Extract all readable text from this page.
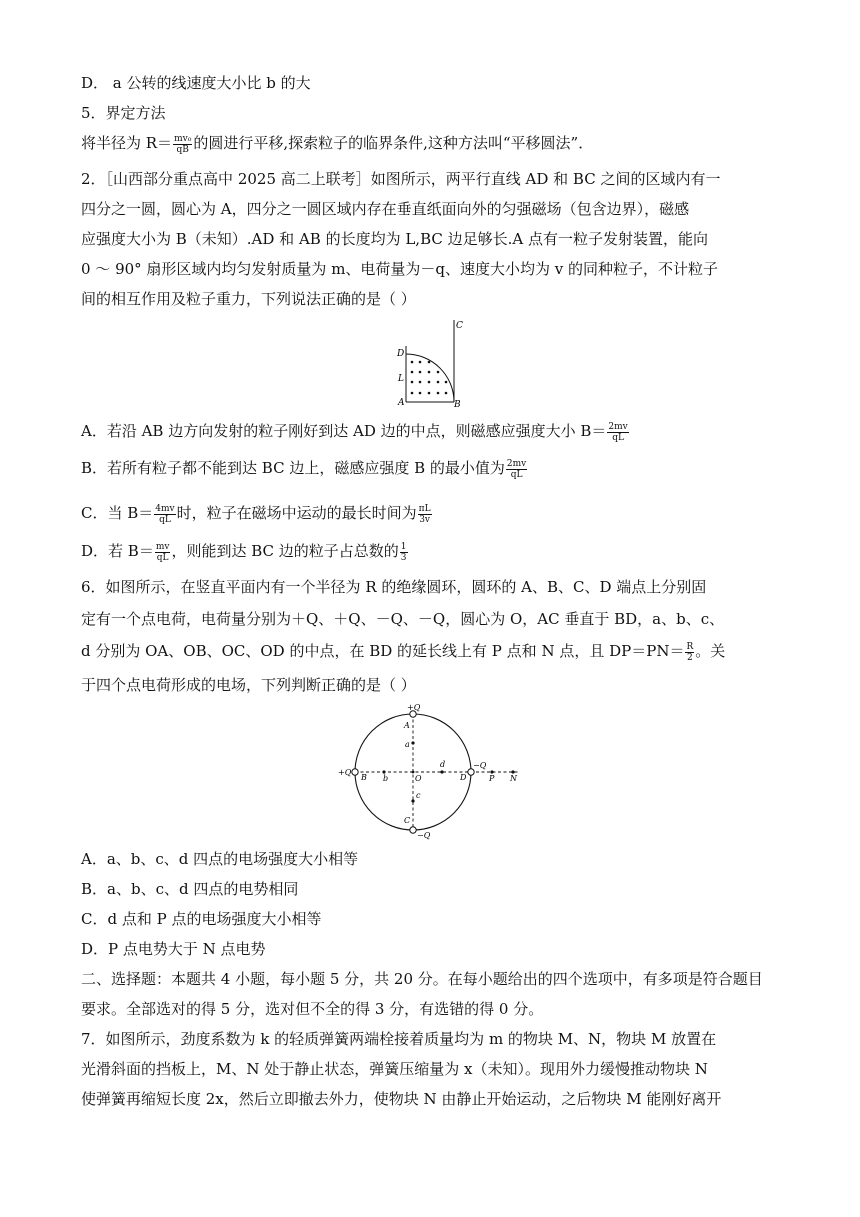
D． a 公转的线速度大小比 b 的大
5．界定方法
将半径为 $R= \frac{\text{mv₀}}{qB}$ 的圆进行平移,探索粒子的临界条件,这种方法叫“平移圆法”．
2．［山西部分重点高中 2025 高二上联考］如图所示，两平行直线 AD 和 BC 之间的区域内有一
四分之一圆，圆心为 A，四分之一圆区域内存在垂直纸面向外的匀强磁场（包含边界），磁感
应强度大小为 B（未知）.AD 和 AB 的长度均为 L,BC 边足够长.A 点有一粒子发射装置，能向
0 ～ 90° 扇形区域内均匀发射质量为 m、电荷量为－q、速度大小均为 v 的同种粒子，不计粒子
间的相互作用及粒子重力，下列说法正确的是（ ）
C
D
L
A	B
A．若沿 AB 边方向发射的粒子刚好到达 AD 边的中点，则磁感应强度大小 $B= \frac{2mv}{qL}$
B．若所有粒子都不能到达 BC 边上，磁感应强度 B 的最小值为 $\frac{2mv}{qL}$
C．当 $B= \frac{4mv}{qL}$ 时，粒子在磁场中运动的最长时间为 $\frac{\pi L}{3v}$
D．若 $B= \frac{mv}{qL}$ ，则能到达 BC 边的粒子占总数的 $\frac{1}{3}$
6．如图所示，在竖直平面内有一个半径为 R 的绝缘圆环，圆环的 A、B、C、D 端点上分别固
定有一个点电荷，电荷量分别为＋Q、＋Q、－Q、－Q，圆心为 O，AC 垂直于 BD，a、b、c、
d 分别为 OA、OB、OC、OD 的中点，在 BD 的延长线上有 P 点和 N 点，且 $DP=PN= \frac{R}{2}$ 。关
于四个点电荷形成的电场，下列判断正确的是（ ）
+Q
A
a
+Q
B b	O
d
D
−Q
P N
c
C
−Q
A．a、b、c、d 四点的电场强度大小相等
B．a、b、c、d 四点的电势相同
C．d 点和 P 点的电场强度大小相等
D．P 点电势大于 N 点电势
二、选择题：本题共 4 小题，每小题 5 分，共 20 分。在每小题给出的四个选项中，有多项是符合题目
要求。全部选对的得 5 分，选对但不全的得 3 分，有选错的得 0 分。
7．如图所示，劲度系数为 k 的轻质弹簧两端栓接着质量均为 m 的物块 M、N，物块 M 放置在
光滑斜面的挡板上，M、N 处于静止状态，弹簧压缩量为 x（未知）。现用外力缓慢推动物块 N
使弹簧再缩短长度 2x，然后立即撤去外力，使物块 N 由静止开始运动，之后物块 M 能刚好离开
